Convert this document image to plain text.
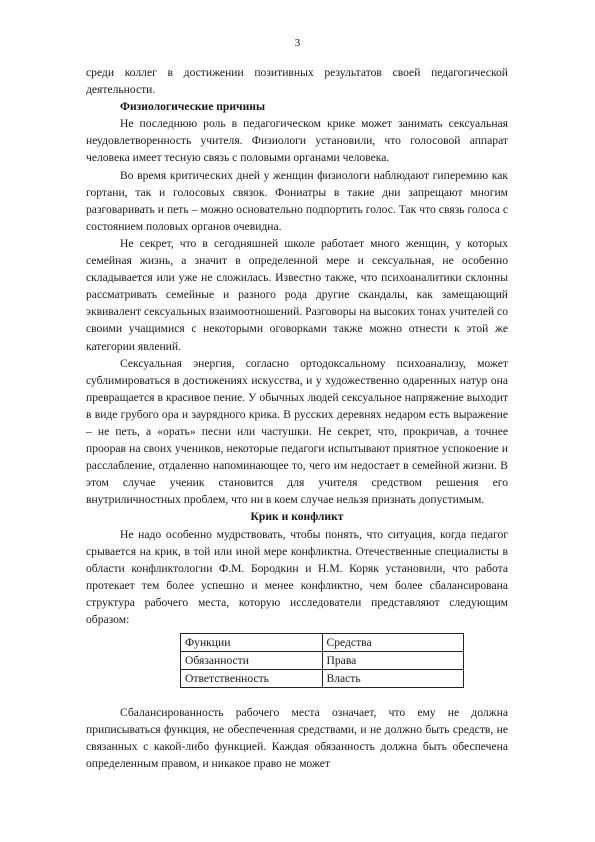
3

среди коллег в достижении позитивных результатов своей педагогической деятельности.

Физиологические причины

Не последнюю роль в педагогическом крике может занимать сексуальная неудовлетворенность учителя. Физиологи установили, что голосовой аппарат человека имеет тесную связь с половыми органами человека.

Во время критических дней у женщин физиологи наблюдают гиперемию как гортани, так и голосовых связок. Фониатры в такие дни запрещают многим разговаривать и петь – можно основательно подпортить голос. Так что связь голоса с состоянием половых органов очевидна.

Не секрет, что в сегодняшней школе работает много женщин, у которых семейная жизнь, а значит в определенной мере и сексуальная, не особенно складывается или уже не сложилась. Известно также, что психоаналитики склонны рассматривать семейные и разного рода другие скандалы, как замещающий эквивалент сексуальных взаимоотношений. Разговоры на высоких тонах учителей со своими учащимися с некоторыми оговорками также можно отнести к этой же категории явлений.

Сексуальная энергия, согласно ортодоксальному психоанализу, может сублимироваться в достижениях искусства, и у художественно одаренных натур она превращается в красивое пение. У обычных людей сексуальное напряжение выходит в виде грубого ора и заурядного крика. В русских деревнях недаром есть выражение – не петь, а «орать» песни или частушки. Не секрет, что, прокричав, а точнее проорав на своих учеников, некоторые педагоги испытывают приятное успокоение и расслабление, отдаленно напоминающее то, чего им недостает в семейной жизни. В этом случае ученик становится для учителя средством решения его внутриличностных проблем, что ни в коем случае нельзя признать допустимым.

Крик и конфликт

Не надо особенно мудрствовать, чтобы понять, что ситуация, когда педагог срывается на крик, в той или иной мере конфликтна. Отечественные специалисты в области конфликтологии Ф.М. Бородкин и Н.М. Коряк установили, что работа протекает тем более успешно и менее конфликтно, чем более сбалансирована структура рабочего места, которую исследователи представляют следующим образом:

Функции	Средства
Обязанности	Права
Ответственность	Власть

Сбалансированность рабочего места означает, что ему не должна приписываться функция, не обеспеченная средствами, и не должно быть средств, не связанных с какой-либо функцией. Каждая обязанность должна быть обеспечена определенным правом, и никакое право не может
